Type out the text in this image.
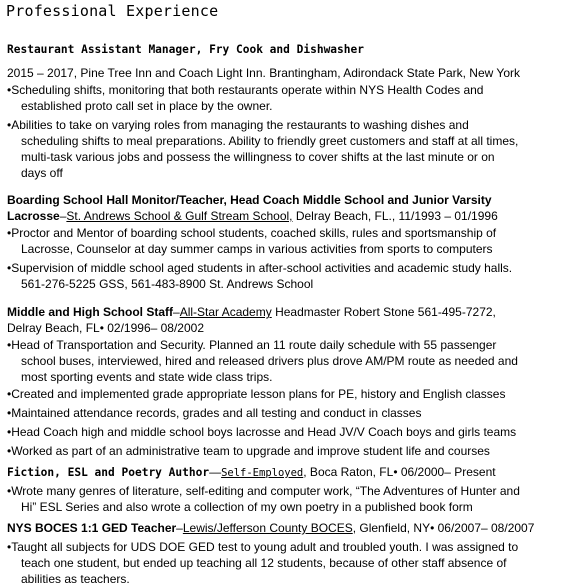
Professional Experience
Restaurant Assistant Manager, Fry Cook and Dishwasher
2015 – 2017, Pine Tree Inn and Coach Light Inn. Brantingham, Adirondack State Park, New York
•Scheduling shifts, monitoring that both restaurants operate within NYS Health Codes and
established proto call set in place by the owner.
•Abilities to take on varying roles from managing the restaurants to washing dishes and
scheduling shifts to meal preparations. Ability to friendly greet customers and staff at all times,
multi-task various jobs and possess the willingness to cover shifts at the last minute or on
days off
Boarding School Hall Monitor/Teacher, Head Coach Middle School and Junior Varsity
Lacrosse–St. Andrews School & Gulf Stream School, Delray Beach, FL., 11/1993 – 01/1996
•Proctor and Mentor of boarding school students, coached skills, rules and sportsmanship of
Lacrosse, Counselor at day summer camps in various activities from sports to computers
•Supervision of middle school aged students in after-school activities and academic study halls.
561-276-5225 GSS, 561-483-8900 St. Andrews School
Middle and High School Staff–All-Star Academy Headmaster Robert Stone 561-495-7272,
Delray Beach, FL• 02/1996– 08/2002
•Head of Transportation and Security. Planned an 11 route daily schedule with 55 passenger
school buses, interviewed, hired and released drivers plus drove AM/PM route as needed and
most sporting events and state wide class trips.
•Created and implemented grade appropriate lesson plans for PE, history and English classes
•Maintained attendance records, grades and all testing and conduct in classes
•Head Coach high and middle school boys lacrosse and Head JV/V Coach boys and girls teams
•Worked as part of an administrative team to upgrade and improve student life and courses
Fiction, ESL and Poetry Author—Self-Employed, Boca Raton, FL• 06/2000– Present
•Wrote many genres of literature, self-editing and computer work, “The Adventures of Hunter and
Hi” ESL Series and also wrote a collection of my own poetry in a published book form
NYS BOCES 1:1 GED Teacher–Lewis/Jefferson County BOCES, Glenfield, NY• 06/2007– 08/2007
•Taught all subjects for UDS DOE GED test to young adult and troubled youth. I was assigned to
teach one student, but ended up teaching all 12 students, because of other staff absence of
abilities as teachers.
